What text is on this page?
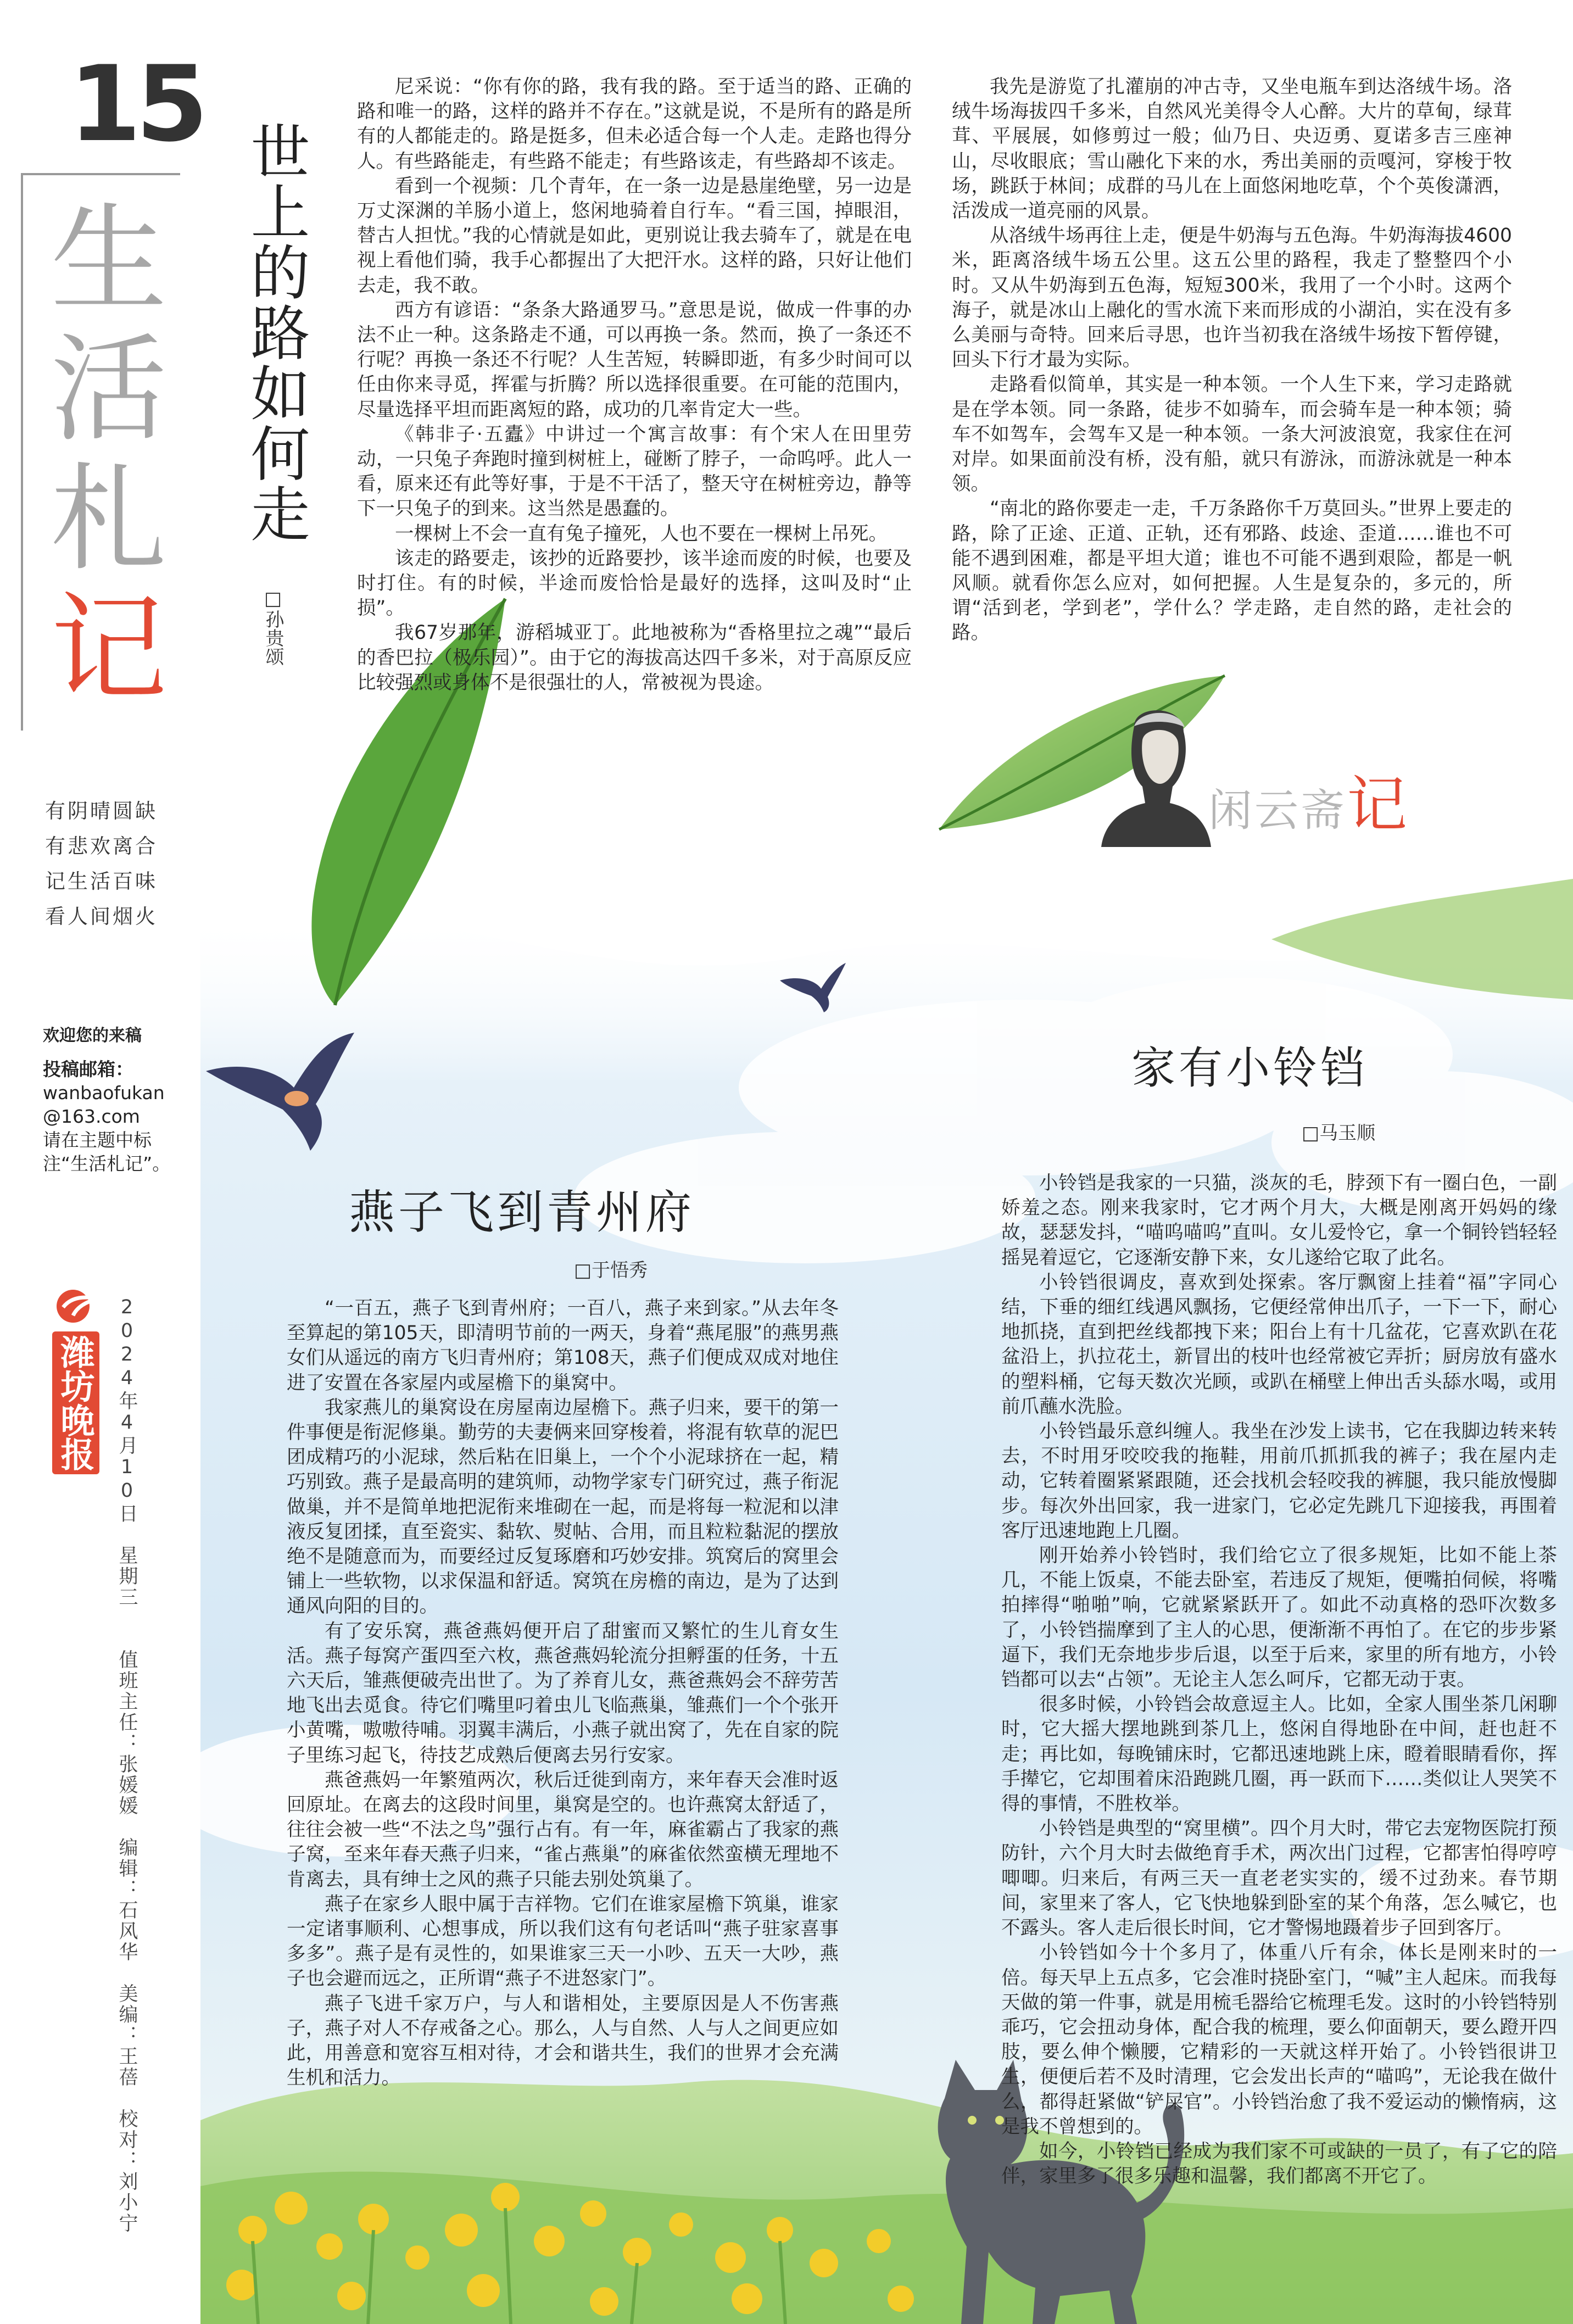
15
生
活
札
记
有阴晴圆缺
有悲欢离合
记生活百味
看人间烟火
欢迎您的来稿
投稿邮箱：
wanbaofukan
@163.com
请在主题中标注“生活札记”。
潍坊晚报 2024年4月10日　星期三　　值班主任：张媛媛　编辑：石风华　美编：王蓓　校对：刘小宁
世上的路如何走
□孙贵颂

尼采说：“你有你的路，我有我的路。至于适当的路、正确的路和唯一的路，这样的路并不存在。”这就是说，不是所有的路是所有的人都能走的。路是挺多，但未必适合每一个人走。走路也得分人。有些路能走，有些路不能走；有些路该走，有些路却不该走。

看到一个视频：几个青年，在一条一边是悬崖绝壁，另一边是万丈深渊的羊肠小道上，悠闲地骑着自行车。“看三国，掉眼泪，替古人担忧。”我的心情就是如此，更别说让我去骑车了，就是在电视上看他们骑，我手心都握出了大把汗水。这样的路，只好让他们去走，我不敢。

西方有谚语：“条条大路通罗马。”意思是说，做成一件事的办法不止一种。这条路走不通，可以再换一条。然而，换了一条还不行呢？再换一条还不行呢？人生苦短，转瞬即逝，有多少时间可以任由你来寻觅，挥霍与折腾？所以选择很重要。在可能的范围内，尽量选择平坦而距离短的路，成功的几率肯定大一些。

《韩非子·五蠹》中讲过一个寓言故事：有个宋人在田里劳动，一只兔子奔跑时撞到树桩上，碰断了脖子，一命呜呼。此人一看，原来还有此等好事，于是不干活了，整天守在树桩旁边，静等下一只兔子的到来。这当然是愚蠢的。

一棵树上不会一直有兔子撞死，人也不要在一棵树上吊死。

该走的路要走，该抄的近路要抄，该半途而废的时候，也要及时打住。有的时候，半途而废恰恰是最好的选择，这叫及时“止损”。

我67岁那年，游稻城亚丁。此地被称为“香格里拉之魂”“最后的香巴拉（极乐园）”。由于它的海拔高达四千多米，对于高原反应比较强烈或身体不是很强壮的人，常被视为畏途。

我先是游览了扎灌崩的冲古寺，又坐电瓶车到达洛绒牛场。洛绒牛场海拔四千多米，自然风光美得令人心醉。大片的草甸，绿茸茸、平展展，如修剪过一般；仙乃日、央迈勇、夏诺多吉三座神山，尽收眼底；雪山融化下来的水，秀出美丽的贡嘎河，穿梭于牧场，跳跃于林间；成群的马儿在上面悠闲地吃草，个个英俊潇洒，活泼成一道亮丽的风景。

从洛绒牛场再往上走，便是牛奶海与五色海。牛奶海海拔4600米，距离洛绒牛场五公里。这五公里的路程，我走了整整四个小时。又从牛奶海到五色海，短短300米，我用了一个小时。这两个海子，就是冰山上融化的雪水流下来而形成的小湖泊，实在没有多么美丽与奇特。回来后寻思，也许当初我在洛绒牛场按下暂停键，回头下行才最为实际。

走路看似简单，其实是一种本领。一个人生下来，学习走路就是在学本领。同一条路，徒步不如骑车，而会骑车是一种本领；骑车不如驾车，会驾车又是一种本领。一条大河波浪宽，我家住在河对岸。如果面前没有桥，没有船，就只有游泳，而游泳就是一种本领。

“南北的路你要走一走，千万条路你千万莫回头。”世界上要走的路，除了正途、正道、正轨，还有邪路、歧途、歪道……谁也不可能不遇到困难，都是平坦大道；谁也不可能不遇到艰险，都是一帆风顺。就看你怎么应对，如何把握。人生是复杂的，多元的，所谓“活到老，学到老”，学什么？学走路，走自然的路，走社会的路。

闲云斋记
燕子飞到青州府
□于悟秀

“一百五，燕子飞到青州府；一百八，燕子来到家。”从去年冬至算起的第105天，即清明节前的一两天，身着“燕尾服”的燕男燕女们从遥远的南方飞归青州府；第108天，燕子们便成双成对地住进了安置在各家屋内或屋檐下的巢窝中。

我家燕儿的巢窝设在房屋南边屋檐下。燕子归来，要干的第一件事便是衔泥修巢。勤劳的夫妻俩来回穿梭着，将混有软草的泥巴团成精巧的小泥球，然后粘在旧巢上，一个个小泥球挤在一起，精巧别致。燕子是最高明的建筑师，动物学家专门研究过，燕子衔泥做巢，并不是简单地把泥衔来堆砌在一起，而是将每一粒泥和以津液反复团揉，直至瓷实、黏软、熨帖、合用，而且粒粒黏泥的摆放绝不是随意而为，而要经过反复琢磨和巧妙安排。筑窝后的窝里会铺上一些软物，以求保温和舒适。窝筑在房檐的南边，是为了达到通风向阳的目的。

有了安乐窝，燕爸燕妈便开启了甜蜜而又繁忙的生儿育女生活。燕子每窝产蛋四至六枚，燕爸燕妈轮流分担孵蛋的任务，十五六天后，雏燕便破壳出世了。为了养育儿女，燕爸燕妈会不辞劳苦地飞出去觅食。待它们嘴里叼着虫儿飞临燕巢，雏燕们一个个张开小黄嘴，嗷嗷待哺。羽翼丰满后，小燕子就出窝了，先在自家的院子里练习起飞，待技艺成熟后便离去另行安家。

燕爸燕妈一年繁殖两次，秋后迁徙到南方，来年春天会准时返回原址。在离去的这段时间里，巢窝是空的。也许燕窝太舒适了，往往会被一些“不法之鸟”强行占有。有一年，麻雀霸占了我家的燕子窝，至来年春天燕子归来，“雀占燕巢”的麻雀依然蛮横无理地不肯离去，具有绅士之风的燕子只能去别处筑巢了。

燕子在家乡人眼中属于吉祥物。它们在谁家屋檐下筑巢，谁家一定诸事顺利、心想事成，所以我们这有句老话叫“燕子驻家喜事多多”。燕子是有灵性的，如果谁家三天一小吵、五天一大吵，燕子也会避而远之，正所谓“燕子不进怒家门”。

燕子飞进千家万户，与人和谐相处，主要原因是人不伤害燕子，燕子对人不存戒备之心。那么，人与自然、人与人之间更应如此，用善意和宽容互相对待，才会和谐共生，我们的世界才会充满生机和活力。

家有小铃铛
□马玉顺

小铃铛是我家的一只猫，淡灰的毛，脖颈下有一圈白色，一副娇羞之态。刚来我家时，它才两个月大，大概是刚离开妈妈的缘故，瑟瑟发抖，“喵呜喵呜”直叫。女儿爱怜它，拿一个铜铃铛轻轻摇晃着逗它，它逐渐安静下来，女儿遂给它取了此名。

小铃铛很调皮，喜欢到处探索。客厅飘窗上挂着“福”字同心结，下垂的细红线遇风飘扬，它便经常伸出爪子，一下一下，耐心地抓挠，直到把丝线都拽下来；阳台上有十几盆花，它喜欢趴在花盆沿上，扒拉花土，新冒出的枝叶也经常被它弄折；厨房放有盛水的塑料桶，它每天数次光顾，或趴在桶壁上伸出舌头舔水喝，或用前爪蘸水洗脸。

小铃铛最乐意纠缠人。我坐在沙发上读书，它在我脚边转来转去，不时用牙咬咬我的拖鞋，用前爪抓抓我的裤子；我在屋内走动，它转着圈紧紧跟随，还会找机会轻咬我的裤腿，我只能放慢脚步。每次外出回家，我一进家门，它必定先跳几下迎接我，再围着客厅迅速地跑上几圈。

刚开始养小铃铛时，我们给它立了很多规矩，比如不能上茶几，不能上饭桌，不能去卧室，若违反了规矩，便嘴拍伺候，将嘴拍摔得“啪啪”响，它就紧紧跃开了。如此不动真格的恐吓次数多了，小铃铛揣摩到了主人的心思，便渐渐不再怕了。在它的步步紧逼下，我们无奈地步步后退，以至于后来，家里的所有地方，小铃铛都可以去“占领”。无论主人怎么呵斥，它都无动于衷。

很多时候，小铃铛会故意逗主人。比如，全家人围坐茶几闲聊时，它大摇大摆地跳到茶几上，悠闲自得地卧在中间，赶也赶不走；再比如，每晚铺床时，它都迅速地跳上床，瞪着眼睛看你，挥手撵它，它却围着床沿跑跳几圈，再一跃而下……类似让人哭笑不得的事情，不胜枚举。

小铃铛是典型的“窝里横”。四个月大时，带它去宠物医院打预防针，六个月大时去做绝育手术，两次出门过程，它都害怕得哼哼唧唧。归来后，有两三天一直老老实实的，缓不过劲来。春节期间，家里来了客人，它飞快地躲到卧室的某个角落，怎么喊它，也不露头。客人走后很长时间，它才警惕地蹑着步子回到客厅。

小铃铛如今十个多月了，体重八斤有余，体长是刚来时的一倍。每天早上五点多，它会准时挠卧室门，“喊”主人起床。而我每天做的第一件事，就是用梳毛器给它梳理毛发。这时的小铃铛特别乖巧，它会扭动身体，配合我的梳理，要么仰面朝天，要么蹬开四肢，要么伸个懒腰，它精彩的一天就这样开始了。小铃铛很讲卫生，便便后若不及时清理，它会发出长声的“喵呜”，无论我在做什么，都得赶紧做“铲屎官”。小铃铛治愈了我不爱运动的懒惰病，这是我不曾想到的。

如今，小铃铛已经成为我们家不可或缺的一员了，有了它的陪伴，家里多了很多乐趣和温馨，我们都离不开它了。
